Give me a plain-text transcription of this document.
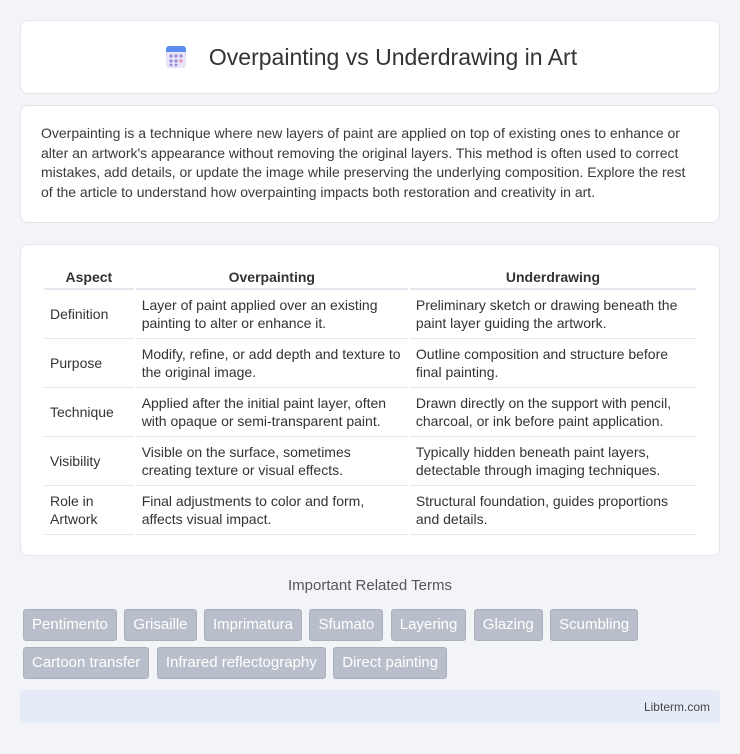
Overpainting vs Underdrawing in Art

Overpainting is a technique where new layers of paint are applied on top of existing ones to enhance or alter an artwork's appearance without removing the original layers. This method is often used to correct mistakes, add details, or update the image while preserving the underlying composition. Explore the rest of the article to understand how overpainting impacts both restoration and creativity in art.

Aspect	Overpainting	Underdrawing
Definition	Layer of paint applied over an existing painting to alter or enhance it.	Preliminary sketch or drawing beneath the paint layer guiding the artwork.
Purpose	Modify, refine, or add depth and texture to the original image.	Outline composition and structure before final painting.
Technique	Applied after the initial paint layer, often with opaque or semi-transparent paint.	Drawn directly on the support with pencil, charcoal, or ink before paint application.
Visibility	Visible on the surface, sometimes creating texture or visual effects.	Typically hidden beneath paint layers, detectable through imaging techniques.
Role in Artwork	Final adjustments to color and form, affects visual impact.	Structural foundation, guides proportions and details.
Important Related Terms
Pentimento Grisaille Imprimatura Sfumato Layering Glazing Scumbling Cartoon transfer Infrared reflectography Direct painting
Libterm.com
